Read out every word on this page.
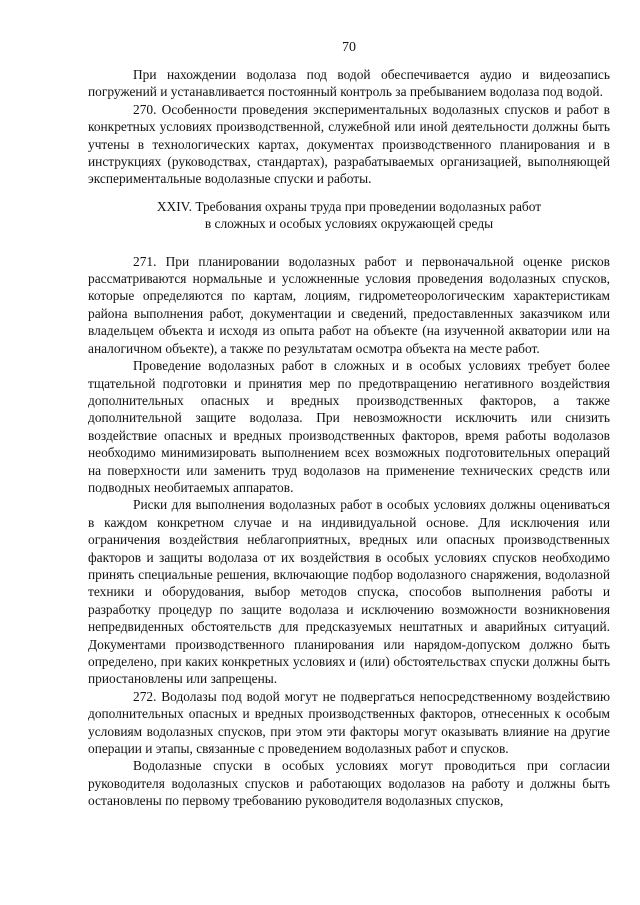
70

При нахождении водолаза под водой обеспечивается аудио и видеозапись погружений и устанавливается постоянный контроль за пребыванием водолаза под водой.

270. Особенности проведения экспериментальных водолазных спусков и работ в конкретных условиях производственной, служебной или иной деятельности должны быть учтены в технологических картах, документах производственного планирования и в инструкциях (руководствах, стандартах), разрабатываемых организацией, выполняющей экспериментальные водолазные спуски и работы.

XXIV. Требования охраны труда при проведении водолазных работ
в сложных и особых условиях окружающей среды

271. При планировании водолазных работ и первоначальной оценке рисков рассматриваются нормальные и усложненные условия проведения водолазных спусков, которые определяются по картам, лоциям, гидрометеорологическим характеристикам района выполнения работ, документации и сведений, предоставленных заказчиком или владельцем объекта и исходя из опыта работ на объекте (на изученной акватории или на аналогичном объекте), а также по результатам осмотра объекта на месте работ.

Проведение водолазных работ в сложных и в особых условиях требует более тщательной подготовки и принятия мер по предотвращению негативного воздействия дополнительных опасных и вредных производственных факторов, а также дополнительной защите водолаза. При невозможности исключить или снизить воздействие опасных и вредных производственных факторов, время работы водолазов необходимо минимизировать выполнением всех возможных подготовительных операций на поверхности или заменить труд водолазов на применение технических средств или подводных необитаемых аппаратов.

Риски для выполнения водолазных работ в особых условиях должны оцениваться в каждом конкретном случае и на индивидуальной основе. Для исключения или ограничения воздействия неблагоприятных, вредных или опасных производственных факторов и защиты водолаза от их воздействия в особых условиях спусков необходимо принять специальные решения, включающие подбор водолазного снаряжения, водолазной техники и оборудования, выбор методов спуска, способов выполнения работы и разработку процедур по защите водолаза и исключению возможности возникновения непредвиденных обстоятельств для предсказуемых нештатных и аварийных ситуаций. Документами производственного планирования или нарядом-допуском должно быть определено, при каких конкретных условиях и (или) обстоятельствах спуски должны быть приостановлены или запрещены.

272. Водолазы под водой могут не подвергаться непосредственному воздействию дополнительных опасных и вредных производственных факторов, отнесенных к особым условиям водолазных спусков, при этом эти факторы могут оказывать влияние на другие операции и этапы, связанные с проведением водолазных работ и спусков.

Водолазные спуски в особых условиях могут проводиться при согласии руководителя водолазных спусков и работающих водолазов на работу и должны быть остановлены по первому требованию руководителя водолазных спусков,
